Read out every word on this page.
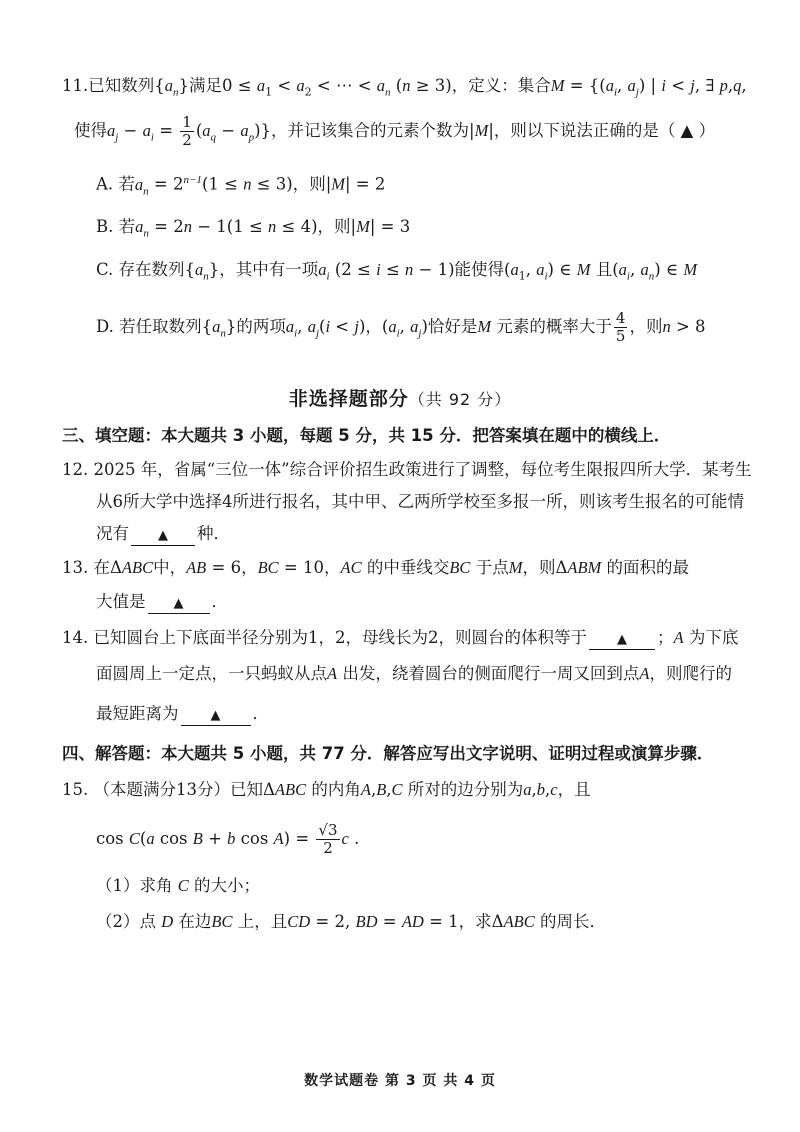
11.已知数列$\{a_n\}$满足$0 \le a_1 < a_2$ < ⋯ < $a_n$ (n ≥ 3)，定义：集合$M = \{(a_i$, $a_j$) | i < j, ∃ p,q,
使得$a_j - a_i = \frac{1}{2} (a_q - a_p)$}，并记该集合的元素个数为|M|，则以下说法正确的是（ ▲ ）
A. 若$a_n = 2^{n-1}(1 \le n \le 3)$，则|M| = 2
B. 若$a_n = 2n - 1(1 \le n \le 4)$，则|M| = 3
C. 存在数列$\{a_n\}$，其中有一项$a_i$ (2 ≤ i ≤ n − 1)能使得($a_1$, $a_i$) ∈ M 且($a_i$, $a_n$) ∈ M
D. 若任取数列$\{a_n\}$的两项$a_i$, $a_j(i < j)$，($a_i$, $a_j$)恰好是M 元素的概率大于 $\frac{4}{5}$ ，则n > 8
非选择题部分（共 92 分）
三、填空题：本大题共 3 小题，每题 5 分，共 15 分．把答案填在题中的横线上．
12. 2025 年，省属“三位一体”综合评价招生政策进行了调整，每位考生限报四所大学．某考生
从6所大学中选择4所进行报名，其中甲、乙两所学校至多报一所，则该考生报名的可能情
况有 ▲ 种．
13. 在ΔABC中，AB = 6，BC = 10，AC 的中垂线交BC 于点M，则ΔABM 的面积的最
大值是 ▲ ．
14. 已知圆台上下底面半径分别为1，2，母线长为2，则圆台的体积等于 ▲ ；A 为下底
面圆周上一定点，一只蚂蚁从点A 出发，绕着圆台的侧面爬行一周又回到点A，则爬行的
最短距离为 ▲ ．
四、解答题：本大题共 5 小题，共 77 分．解答应写出文字说明、证明过程或演算步骤．
15. （本题满分13分）已知ΔABC 的内角A,B,C 所对的边分别为a,b,c，且
cos C(a cos B + b $\cos A) = \frac{√3}{2}$ c .
（1）求角 C 的大小；
（2）点 D 在边BC 上，且CD = 2, BD = AD = 1，求ΔABC 的周长．
数学试题卷 第 3 页 共 4 页
